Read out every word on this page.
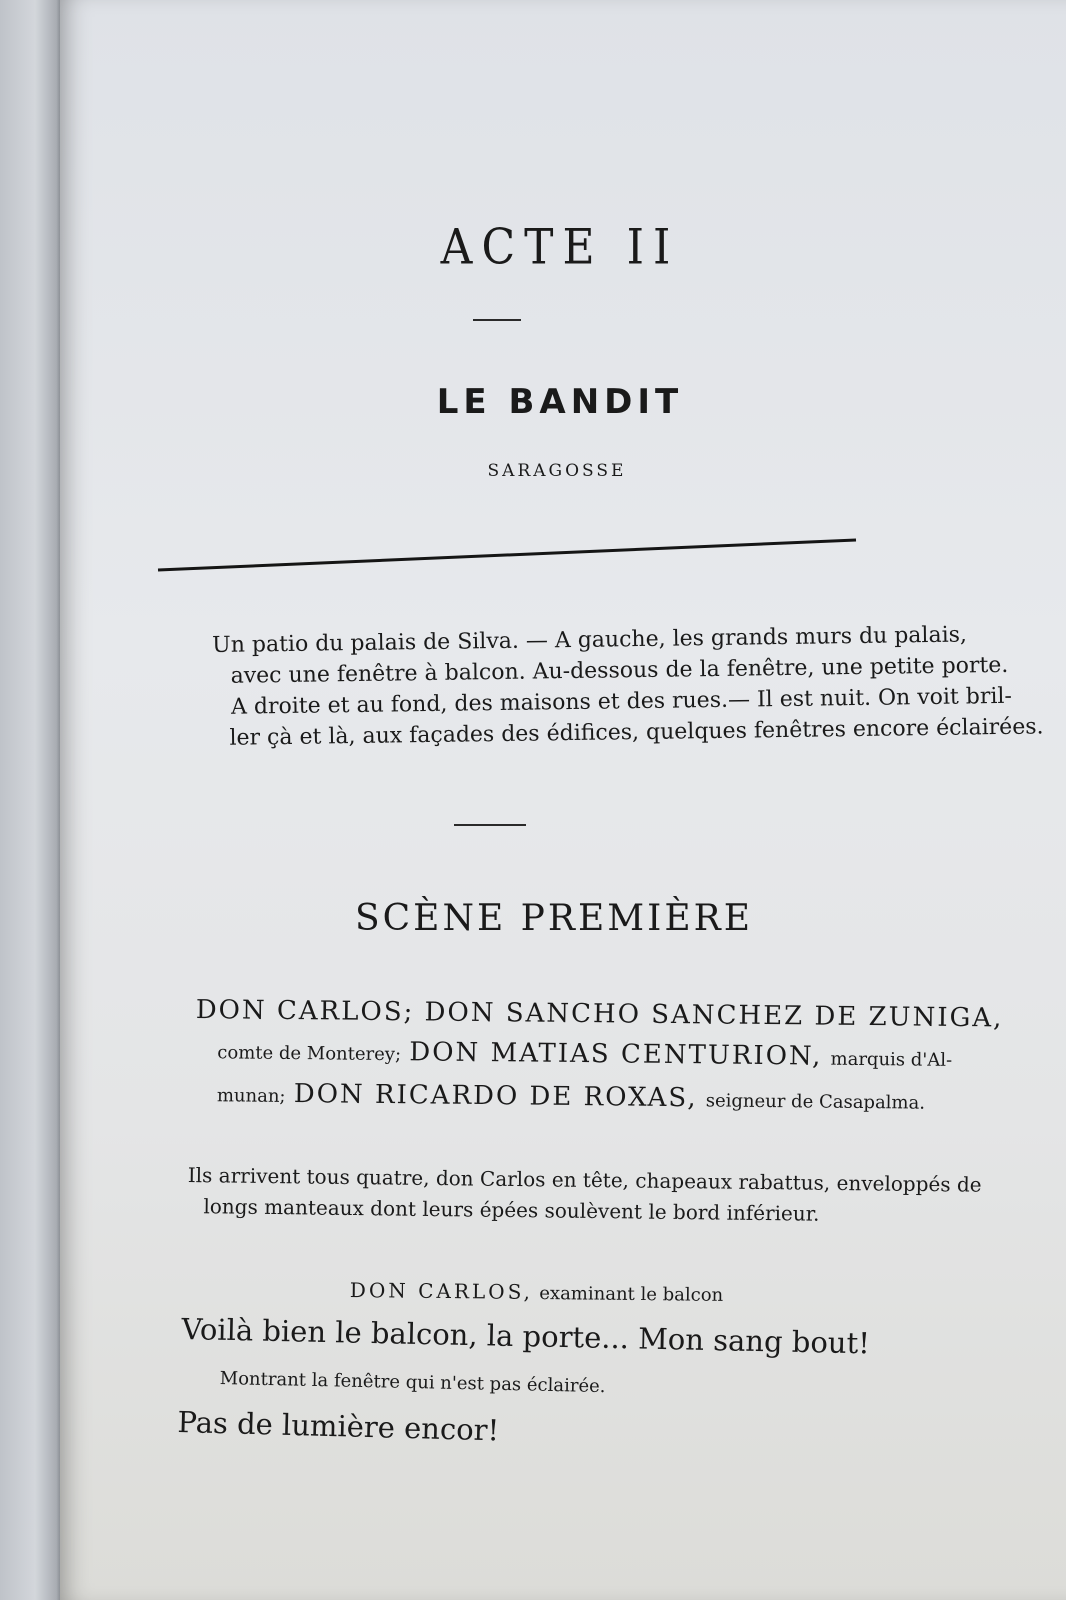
ACTE II
LE BANDIT
SARAGOSSE
Un patio du palais de Silva. — A gauche, les grands murs du palais,
avec une fenêtre à balcon. Au-dessous de la fenêtre, une petite porte.
A droite et au fond, des maisons et des rues.— Il est nuit. On voit bril-
ler çà et là, aux façades des édifices, quelques fenêtres encore éclairées.
SCÈNE PREMIÈRE
DON CARLOS; DON SANCHO SANCHEZ DE ZUNIGA,
comte de Monterey; DON MATIAS CENTURION, marquis d'Al-
munan; DON RICARDO DE ROXAS, seigneur de Casapalma.
Ils arrivent tous quatre, don Carlos en tête, chapeaux rabattus, enveloppés de
longs manteaux dont leurs épées soulèvent le bord inférieur.
DON CARLOS, examinant le balcon
Voilà bien le balcon, la porte... Mon sang bout!
Montrant la fenêtre qui n'est pas éclairée.
Pas de lumière encor!
